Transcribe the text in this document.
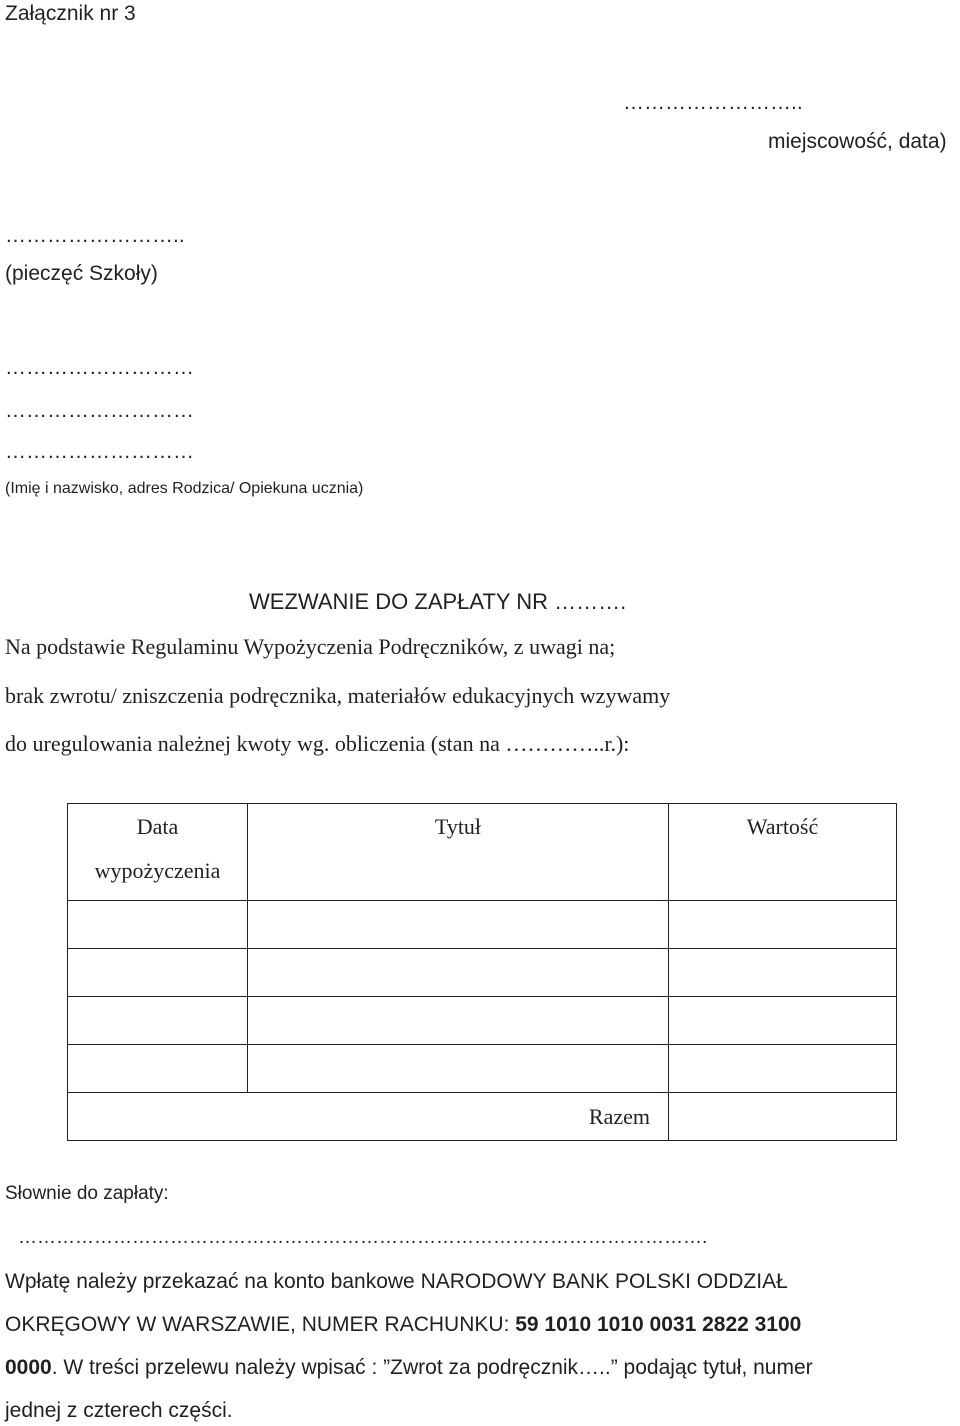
Załącznik nr 3
……………………..
miejscowość, data)
……………………..
(pieczęć Szkoły)
………………………
………………………
………………………
(Imię i nazwisko, adres Rodzica/ Opiekuna ucznia)
WEZWANIE DO ZAPŁATY NR ……….
Na podstawie Regulaminu Wypożyczenia Podręczników, z uwagi na;
brak zwrotu/ zniszczenia podręcznika, materiałów edukacyjnych wzywamy
do uregulowania należnej kwoty wg. obliczenia (stan na …………..r.):
Data
wypożyczenia	Tytuł	Wartość

Razem		
Słownie do zapłaty:
……………………………………………………………………………………………….
Wpłatę należy przekazać na konto bankowe NARODOWY BANK POLSKI ODDZIAŁ
OKRĘGOWY W WARSZAWIE, NUMER RACHUNKU: 59 1010 1010 0031 2822 3100
0000. W treści przelewu należy wpisać : ”Zwrot za podręcznik…..” podając tytuł, numer
jednej z czterech części.
